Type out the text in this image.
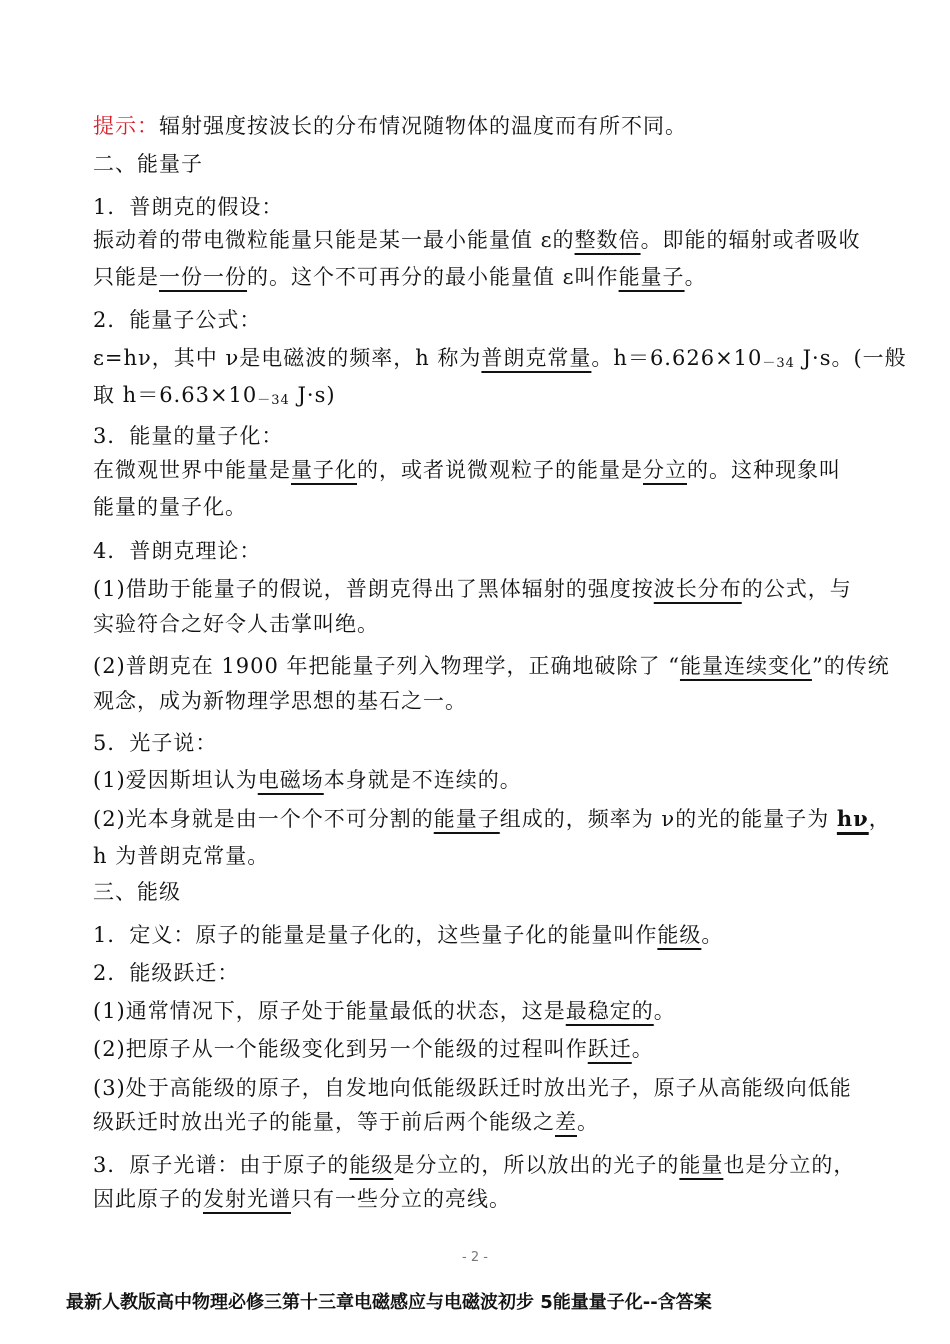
提示：辐射强度按波长的分布情况随物体的温度而有所不同。
二、能量子
1．普朗克的假设：
振动着的带电微粒能量只能是某一最小能量值 ε的整数倍。即能的辐射或者吸收
只能是一份一份的。这个不可再分的最小能量值 ε叫作能量子。
2．能量子公式：
ε=hν，其中 ν是电磁波的频率，h 称为普朗克常量。h＝6.626×10－34 J·s。(一般
取 h＝6.63×10－34 J·s)
3．能量的量子化：
在微观世界中能量是量子化的，或者说微观粒子的能量是分立的。这种现象叫
能量的量子化。
4．普朗克理论：
(1)借助于能量子的假说，普朗克得出了黑体辐射的强度按波长分布的公式，与
实验符合之好令人击掌叫绝。
(2)普朗克在 1900 年把能量子列入物理学，正确地破除了 “能量连续变化”的传统
观念，成为新物理学思想的基石之一。
5．光子说：
(1)爱因斯坦认为电磁场本身就是不连续的。
(2)光本身就是由一个个不可分割的能量子组成的，频率为 ν的光的能量子为 hν，
h 为普朗克常量。
三、能级
1．定义：原子的能量是量子化的，这些量子化的能量叫作能级。
2．能级跃迁：
(1)通常情况下，原子处于能量最低的状态，这是最稳定的。
(2)把原子从一个能级变化到另一个能级的过程叫作跃迁。
(3)处于高能级的原子，自发地向低能级跃迁时放出光子，原子从高能级向低能
级跃迁时放出光子的能量，等于前后两个能级之差。
3．原子光谱：由于原子的能级是分立的，所以放出的光子的能量也是分立的，
因此原子的发射光谱只有一些分立的亮线。
- 2 -
最新人教版高中物理必修三第十三章电磁感应与电磁波初步 5能量量子化--含答案
